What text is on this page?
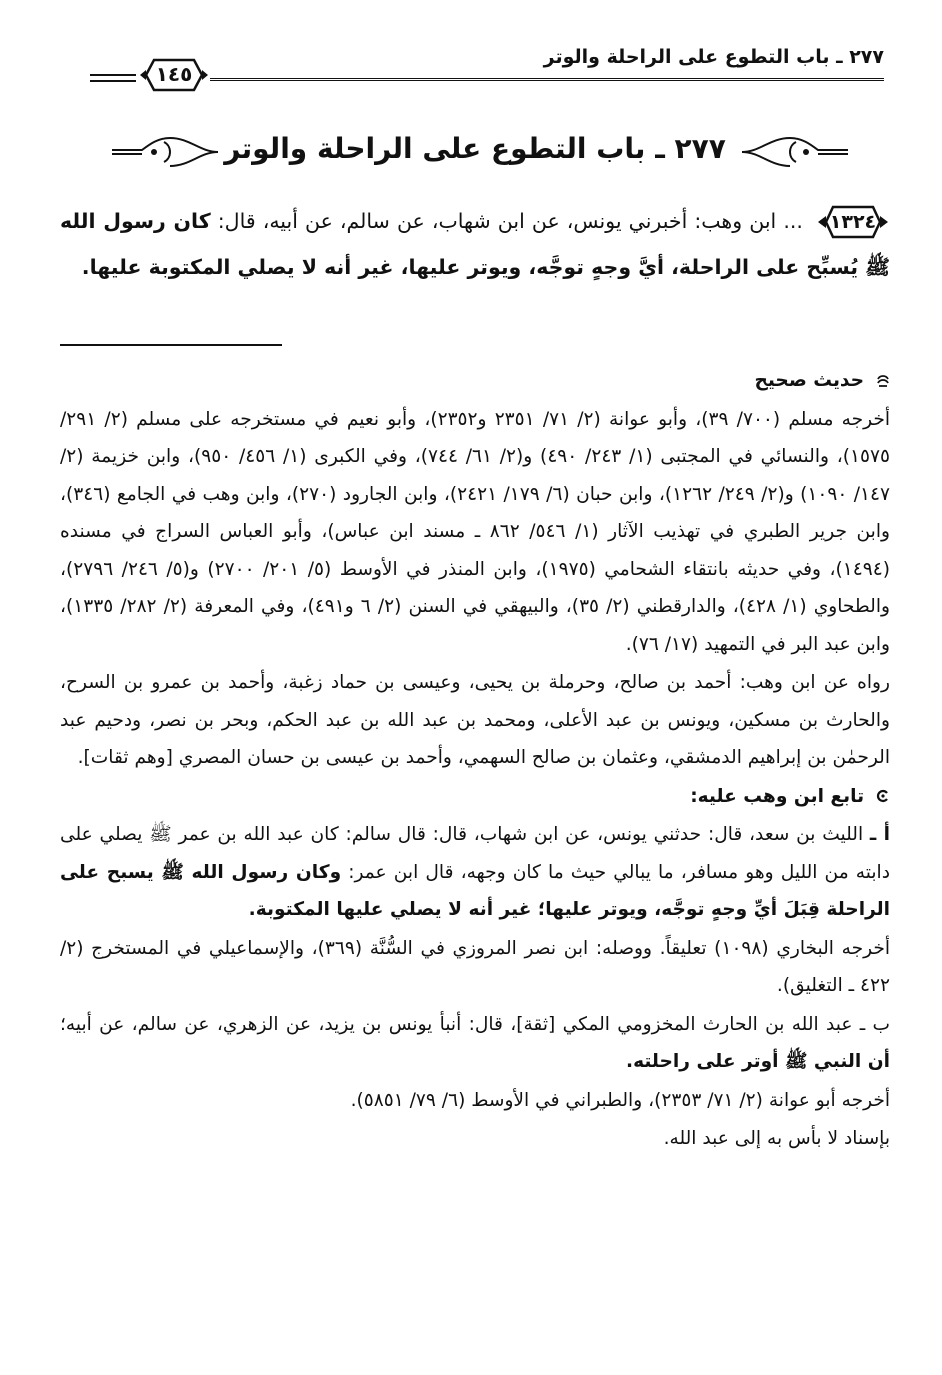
٢٧٧ ـ باب التطوع على الراحلة والوتر
١٤٥
٢٧٧ ـ باب التطوع على الراحلة والوتر

١٣٢٤
... ابن وهب: أخبرني يونس، عن ابن شهاب، عن سالم، عن أبيه، قال: كان رسول الله ﷺ يُسبِّح على الراحلة، أيَّ وجهٍ توجَّه، ويوتر عليها، غير أنه لا يصلي المكتوبة عليها.

حديث صحيح

أخرجه مسلم (٧٠٠/ ٣٩)، وأبو عوانة (٢/ ٧١/ ٢٣٥١ و٢٣٥٢)، وأبو نعيم في مستخرجه على مسلم (٢/ ٢٩١/ ١٥٧٥)، والنسائي في المجتبى (١/ ٢٤٣/ ٤٩٠) و(٢/ ٦١/ ٧٤٤)، وفي الكبرى (١/ ٤٥٦/ ٩٥٠)، وابن خزيمة (٢/ ١٤٧/ ١٠٩٠) و(٢/ ٢٤٩/ ١٢٦٢)، وابن حبان (٦/ ١٧٩/ ٢٤٢١)، وابن الجارود (٢٧٠)، وابن وهب في الجامع (٣٤٦)، وابن جرير الطبري في تهذيب الآثار (١/ ٥٤٦/ ٨٦٢ ـ مسند ابن عباس)، وأبو العباس السراج في مسنده (١٤٩٤)، وفي حديثه بانتقاء الشحامي (١٩٧٥)، وابن المنذر في الأوسط (٥/ ٢٠١/ ٢٧٠٠) و(٥/ ٢٤٦/ ٢٧٩٦)، والطحاوي (١/ ٤٢٨)، والدارقطني (٢/ ٣٥)، والبيهقي في السنن (٢/ ٦ و٤٩١)، وفي المعرفة (٢/ ٢٨٢/ ١٣٣٥)، وابن عبد البر في التمهيد (١٧/ ٧٦).

رواه عن ابن وهب: أحمد بن صالح، وحرملة بن يحيى، وعيسى بن حماد زغبة، وأحمد بن عمرو بن السرح، والحارث بن مسكين، ويونس بن عبد الأعلى، ومحمد بن عبد الله بن عبد الحكم، وبحر بن نصر، ودحيم عبد الرحمٰن بن إبراهيم الدمشقي، وعثمان بن صالح السهمي، وأحمد بن عيسى بن حسان المصري [وهم ثقات].

تابع ابن وهب عليه:

أ ـ الليث بن سعد، قال: حدثني يونس، عن ابن شهاب، قال: قال سالم: كان عبد الله بن عمر ﷺ يصلي على دابته من الليل وهو مسافر، ما يبالي حيث ما كان وجهه، قال ابن عمر: وكان رسول الله ﷺ يسبح على الراحلة قِبَلَ أيِّ وجهٍ توجَّه، ويوتر عليها؛ غير أنه لا يصلي عليها المكتوبة.

أخرجه البخاري (١٠٩٨) تعليقاً. ووصله: ابن نصر المروزي في السُّنَّة (٣٦٩)، والإسماعيلي في المستخرج (٢/ ٤٢٢ ـ التغليق).

ب ـ عبد الله بن الحارث المخزومي المكي [ثقة]، قال: أنبأ يونس بن يزيد، عن الزهري، عن سالم، عن أبيه؛ أن النبي ﷺ أوتر على راحلته.

أخرجه أبو عوانة (٢/ ٧١/ ٢٣٥٣)، والطبراني في الأوسط (٦/ ٧٩/ ٥٨٥١).

بإسناد لا بأس به إلى عبد الله.
